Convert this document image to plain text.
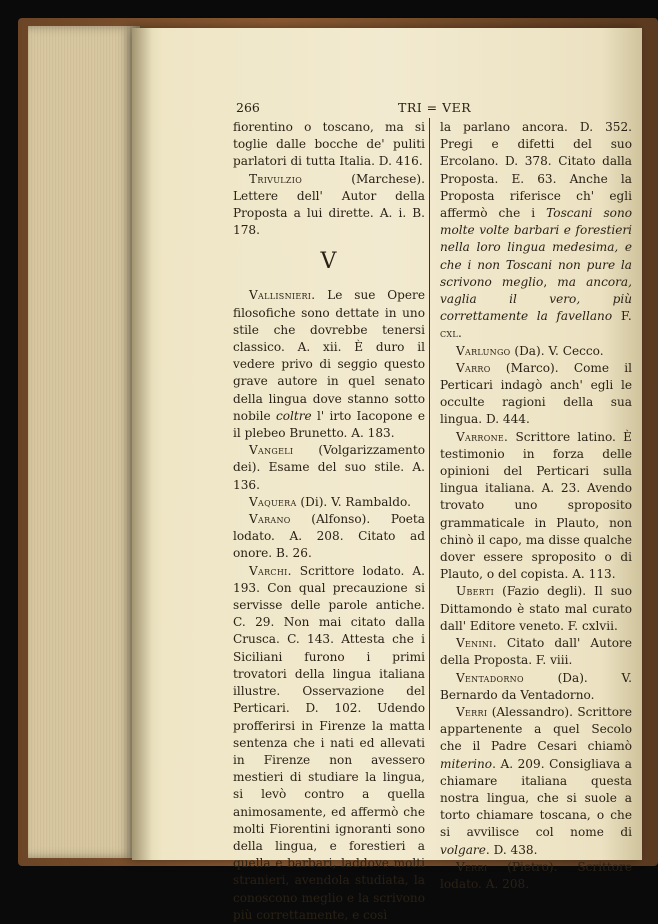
266	TRI = VER

fiorentino o toscano, ma si toglie dalle bocche de' puliti parlatori di tutta Italia. D. 416.

Trivulzio (Marchese). Lettere dell' Autor della Proposta a lui dirette. A. i. B. 178.

V

Vallisnieri. Le sue Opere filosofiche sono dettate in uno stile che dovrebbe tenersi classico. A. xii. È duro il vedere privo di seggio questo grave autore in quel senato della lingua dove stanno sotto nobile coltre l' irto Iacopone e il plebeo Brunetto. A. 183.

Vangeli (Volgarizzamento dei). Esame del suo stile. A. 136.

Vaquera (Di). V. Rambaldo.

Varano (Alfonso). Poeta lodato. A. 208. Citato ad onore. B. 26.

Varchi. Scrittore lodato. A. 193. Con qual precauzione si servisse delle parole antiche. C. 29. Non mai citato dalla Crusca. C. 143. Attesta che i Siciliani furono i primi trovatori della lingua italiana illustre. Osservazione del Perticari. D. 102. Udendo profferirsi in Firenze la matta sentenza che i nati ed allevati in Firenze non avessero mestieri di studiare la lingua, si levò contro a quella animosamente, ed affermò che molti Fiorentini ignoranti sono della lingua, e forestieri a quella e barbari, laddove molti stranieri, avendola studiata, la conoscono meglio e la scrivono più correttamente, e così

la parlano ancora. D. 352. Pregi e difetti del suo Ercolano. D. 378. Citato dalla Proposta. E. 63. Anche la Proposta riferisce ch' egli affermò che i Toscani sono molte volte barbari e forestieri nella loro lingua medesima, e che i non Toscani non pure la scrivono meglio, ma ancora, vaglia il vero, più correttamente la favellano F. cxl.

Varlungo (Da). V. Cecco.

Varro (Marco). Come il Perticari indagò anch' egli le occulte ragioni della sua lingua. D. 444.

Varrone. Scrittore latino. È testimonio in forza delle opinioni del Perticari sulla lingua italiana. A. 23. Avendo trovato uno sproposito grammaticale in Plauto, non chinò il capo, ma disse qualche dover essere sproposito o di Plauto, o del copista. A. 113.

Uberti (Fazio degli). Il suo Dittamondo è stato mal curato dall' Editore veneto. F. cxlvii.

Venini. Citato dall' Autore della Proposta. F. viii.

Ventadorno (Da). V. Bernardo da Ventadorno.

Verri (Alessandro). Scrittore appartenente a quel Secolo che il Padre Cesari chiamò miterino. A. 209. Consigliava a chiamare italiana questa nostra lingua, che si suole a torto chiamare toscana, o che si avvilisce col nome di volgare. D. 438.

Verri (Pietro). Scrittore lodato. A. 208.
